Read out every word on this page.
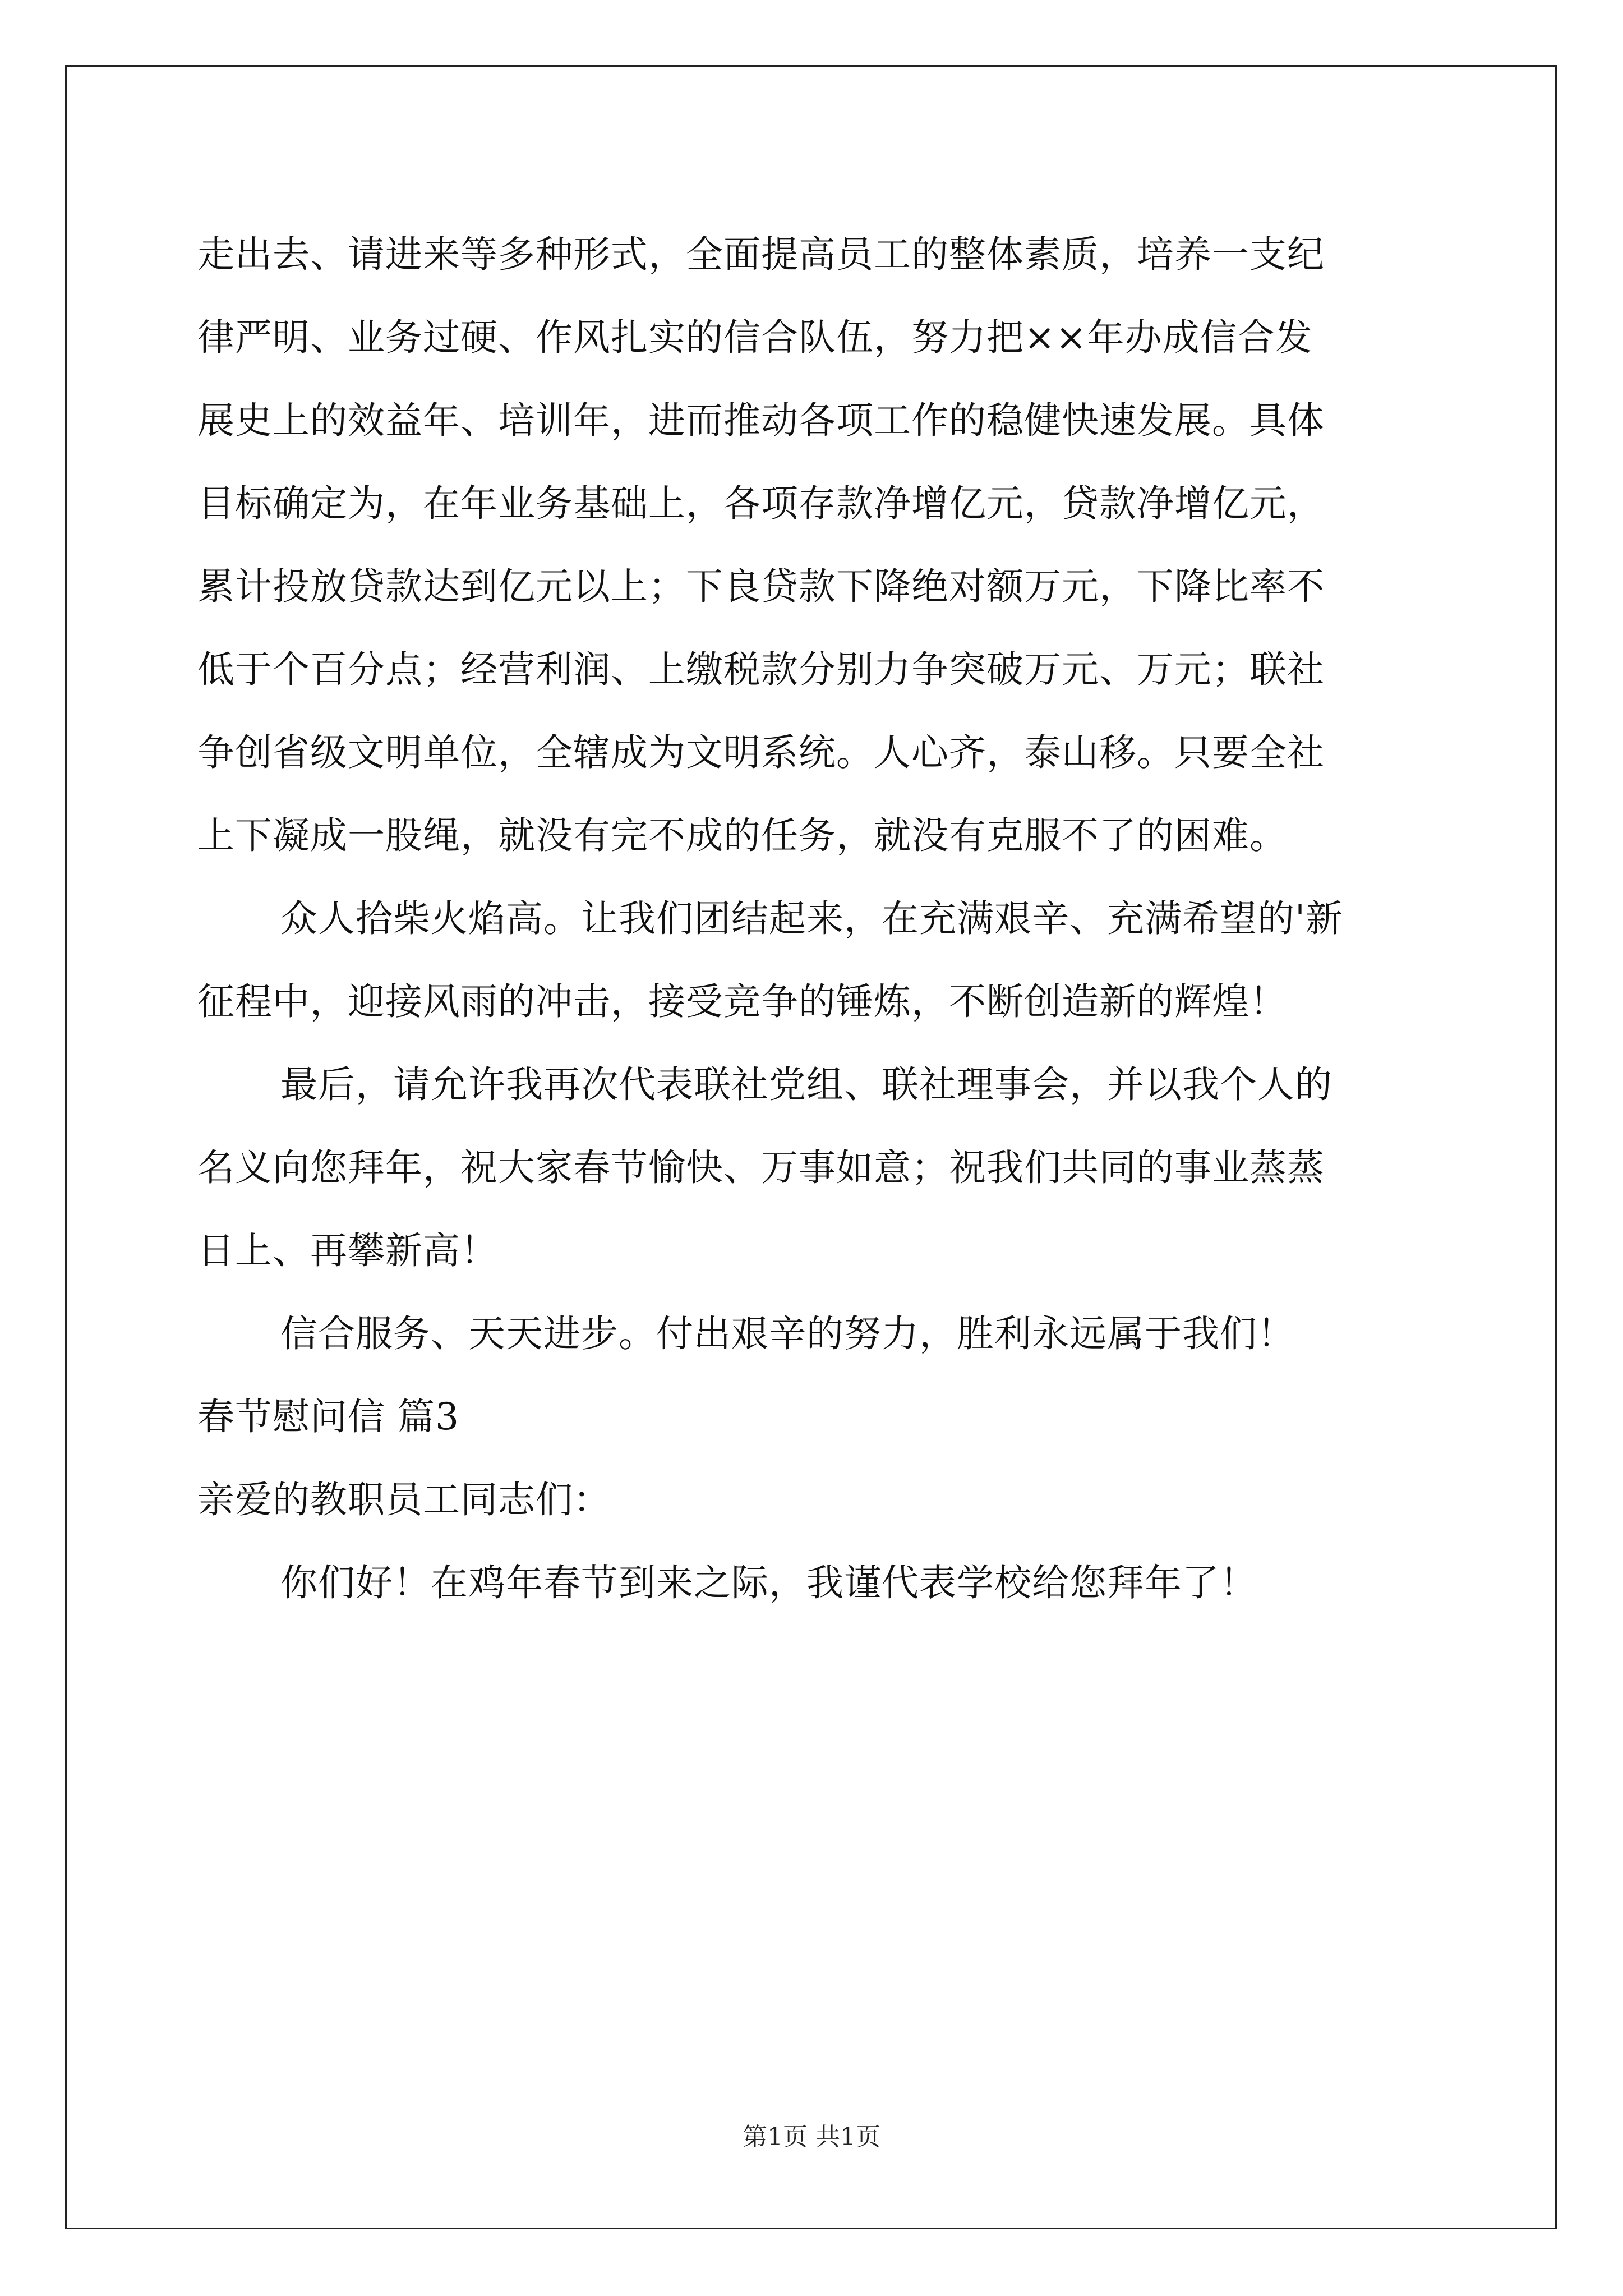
走出去、请进来等多种形式，全面提高员工的整体素质，培养一支纪
律严明、业务过硬、作风扎实的信合队伍，努力把××年办成信合发
展史上的效益年、培训年，进而推动各项工作的稳健快速发展。具体
目标确定为，在年业务基础上，各项存款净增亿元，贷款净增亿元，
累计投放贷款达到亿元以上；下良贷款下降绝对额万元，下降比率不
低于个百分点；经营利润、上缴税款分别力争突破万元、万元；联社
争创省级文明单位，全辖成为文明系统。人心齐，泰山移。只要全社
上下凝成一股绳，就没有完不成的任务，就没有克服不了的困难。
众人拾柴火焰高。让我们团结起来，在充满艰辛、充满希望的'新
征程中，迎接风雨的冲击，接受竞争的锤炼，不断创造新的辉煌！
最后，请允许我再次代表联社党组、联社理事会，并以我个人的
名义向您拜年，祝大家春节愉快、万事如意；祝我们共同的事业蒸蒸
日上、再攀新高！
信合服务、天天进步。付出艰辛的努力，胜利永远属于我们！
春节慰问信 篇3
亲爱的教职员工同志们：
你们好！在鸡年春节到来之际，我谨代表学校给您拜年了！
第1页 共1页
